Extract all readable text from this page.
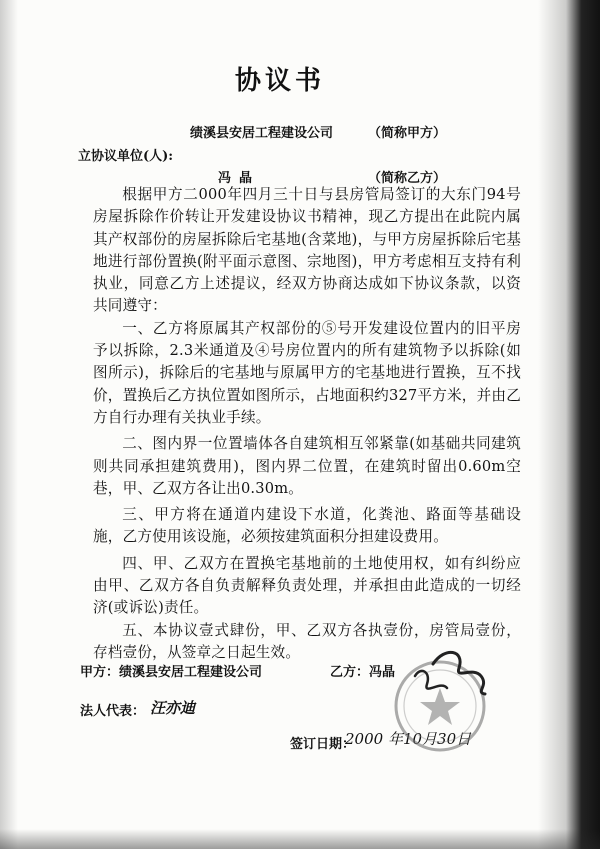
协议书
绩溪县安居工程建设公司	（简称甲方）
立协议单位(人):
冯晶	（简称乙方）

根据甲方二000年四月三十日与县房管局签订的大东门94号房屋拆除作价转让开发建设协议书精神，现乙方提出在此院内属其产权部份的房屋拆除后宅基地(含菜地)，与甲方房屋拆除后宅基地进行部份置换(附平面示意图、宗地图)，甲方考虑相互支持有利执业，同意乙方上述提议，经双方协商达成如下协议条款，以资共同遵守：

一、乙方将原属其产权部份的⑤号开发建设位置内的旧平房予以拆除，2.3米通道及④号房位置内的所有建筑物予以拆除(如图所示)，拆除后的宅基地与原属甲方的宅基地进行置换，互不找价，置换后乙方执位置如图所示，占地面积约327平方米，并由乙方自行办理有关执业手续。

二、图内界一位置墙体各自建筑相互邻紧靠(如基础共同建筑则共同承担建筑费用)，图内界二位置，在建筑时留出0.60m空巷，甲、乙双方各让出0.30m。

三、甲方将在通道内建设下水道，化粪池、路面等基础设施，乙方使用该设施，必须按建筑面积分担建设费用。

四、甲、乙双方在置换宅基地前的土地使用权，如有纠纷应由甲、乙双方各自负责解释负责处理，并承担由此造成的一切经济(或诉讼)责任。

五、本协议壹式肆份，甲、乙双方各执壹份，房管局壹份，存档壹份，从签章之日起生效。

甲方：绩溪县安居工程建设公司	乙方：冯晶
法人代表： 汪亦迪
签订日期：
2000 年10月30日
